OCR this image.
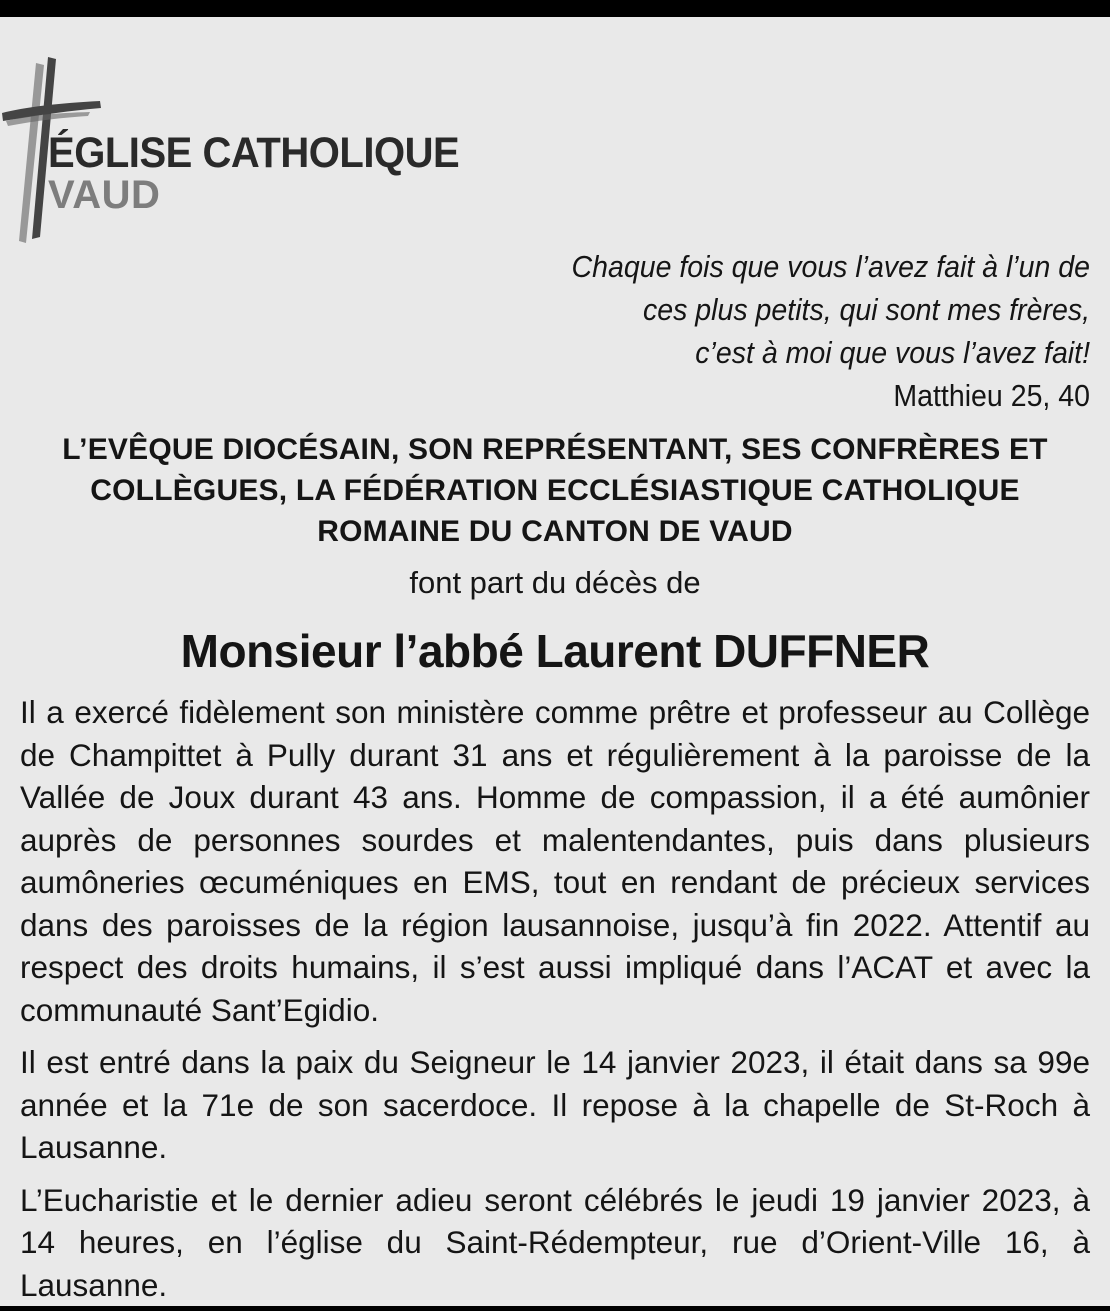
ÉGLISE CATHOLIQUE
VAUD
Chaque fois que vous l’avez fait à l’un de
ces plus petits, qui sont mes frères,
c’est à moi que vous l’avez fait!
Matthieu 25, 40
L’EVÊQUE DIOCÉSAIN, SON REPRÉSENTANT, SES CONFRÈRES ET
COLLÈGUES, LA FÉDÉRATION ECCLÉSIASTIQUE CATHOLIQUE
ROMAINE DU CANTON DE VAUD
font part du décès de
Monsieur l’abbé Laurent DUFFNER

Il a exercé fidèlement son ministère comme prêtre et professeur au Collège de Champittet à Pully durant 31 ans et régulièrement à la paroisse de la Vallée de Joux durant 43 ans. Homme de compassion, il a été aumônier auprès de personnes sourdes et malentendantes, puis dans plusieurs aumôneries œcuméniques en EMS, tout en rendant de précieux services dans des paroisses de la région lausannoise, jusqu’à fin 2022. Attentif au respect des droits humains, il s’est aussi impliqué dans l’ACAT et avec la communauté Sant’Egidio.

Il est entré dans la paix du Seigneur le 14 janvier 2023, il était dans sa 99e année et la 71e de son sacerdoce. Il repose à la chapelle de St-Roch à Lausanne.

L’Eucharistie et le dernier adieu seront célébrés le jeudi 19 janvier 2023, à 14 heures, en l’église du Saint-Rédempteur, rue d’Orient-Ville 16, à Lausanne.
